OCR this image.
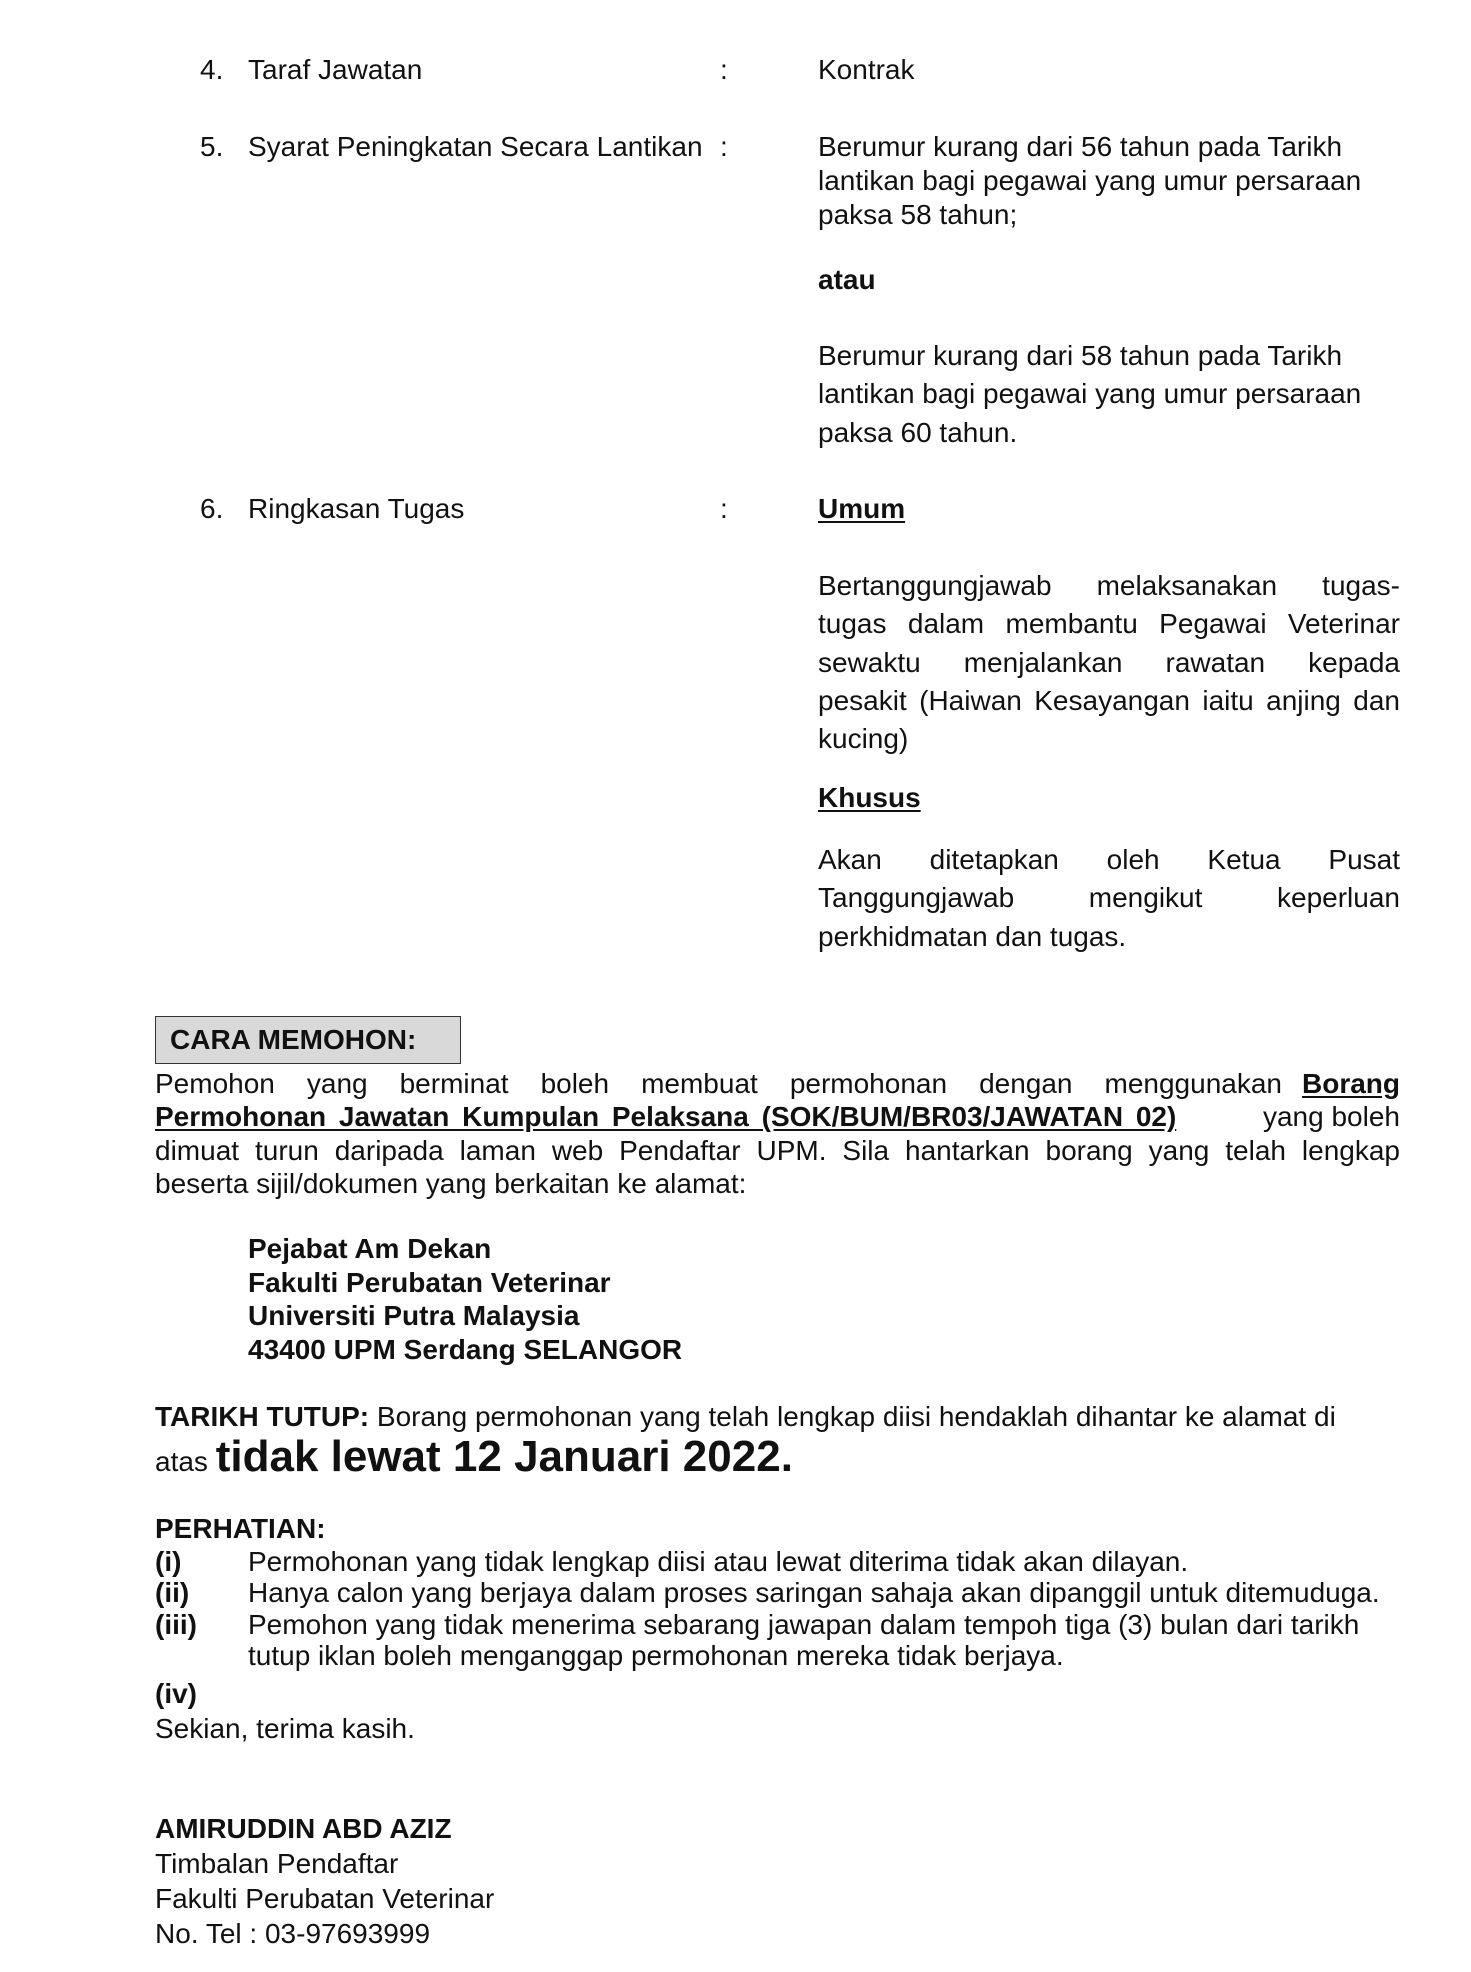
4. Taraf Jawatan	:	Kontrak
5. Syarat Peningkatan Secara Lantikan :	Berumur kurang dari 56 tahun pada Tarikh
lantikan bagi pegawai yang umur persaraan
paksa 58 tahun;
atau
Berumur kurang dari 58 tahun pada Tarikh
lantikan bagi pegawai yang umur persaraan
paksa 60 tahun.
6. Ringkasan Tugas	:	Umum
Bertanggungjawab melaksanakan tugas-
tugas dalam membantu Pegawai Veterinar
sewaktu menjalankan rawatan kepada
pesakit (Haiwan Kesayangan iaitu anjing dan
kucing)
Khusus
Akan ditetapkan oleh Ketua Pusat
Tanggungjawab mengikut keperluan
perkhidmatan dan tugas.
CARA MEMOHON:
Pemohon yang berminat boleh membuat permohonan dengan menggunakan Borang
Permohonan Jawatan Kumpulan Pelaksana (SOK/BUM/BR03/JAWATAN 02)	yang boleh
dimuat turun daripada laman web Pendaftar UPM. Sila hantarkan borang yang telah lengkap
beserta sijil/dokumen yang berkaitan ke alamat:
Pejabat Am Dekan
Fakulti Perubatan Veterinar
Universiti Putra Malaysia
43400 UPM Serdang SELANGOR
TARIKH TUTUP: Borang permohonan yang telah lengkap diisi hendaklah dihantar ke alamat di
atas tidak lewat 12 Januari 2022.
PERHATIAN:
(i) Permohonan yang tidak lengkap diisi atau lewat diterima tidak akan dilayan.
(ii) Hanya calon yang berjaya dalam proses saringan sahaja akan dipanggil untuk ditemuduga.
(iii) Pemohon yang tidak menerima sebarang jawapan dalam tempoh tiga (3) bulan dari tarikh
tutup iklan boleh menganggap permohonan mereka tidak berjaya.
(iv)
Sekian, terima kasih.
AMIRUDDIN ABD AZIZ
Timbalan Pendaftar
Fakulti Perubatan Veterinar
No. Tel : 03-97693999
